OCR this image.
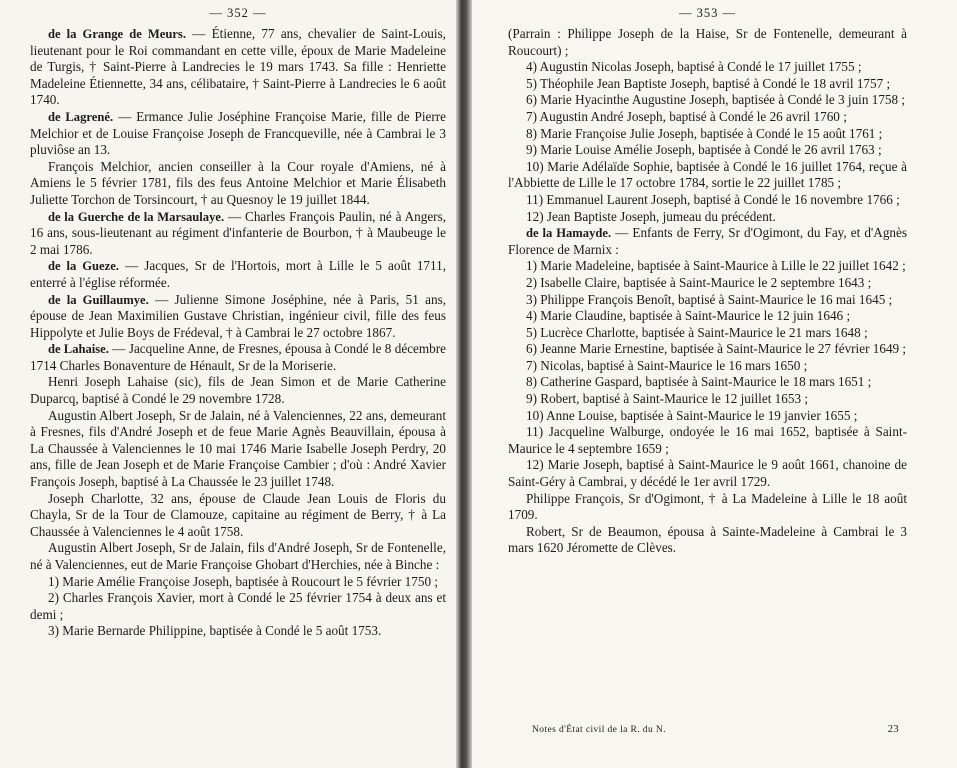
— 352 —

de la Grange de Meurs. — Étienne, 77 ans, chevalier de Saint-Louis, lieutenant pour le Roi commandant en cette ville, époux de Marie Madeleine de Turgis, † Saint-Pierre à Landrecies le 19 mars 1743. Sa fille : Henriette Madeleine Étiennette, 34 ans, célibataire, † Saint-Pierre à Landrecies le 6 août 1740.

de Lagrené. — Ermance Julie Joséphine Françoise Marie, fille de Pierre Melchior et de Louise Françoise Joseph de Francqueville, née à Cambrai le 3 pluviôse an 13.

François Melchior, ancien conseiller à la Cour royale d'Amiens, né à Amiens le 5 février 1781, fils des feus Antoine Melchior et Marie Élisabeth Juliette Torchon de Torsincourt, † au Quesnoy le 19 juillet 1844.

de la Guerche de la Marsaulaye. — Charles François Paulin, né à Angers, 16 ans, sous-lieutenant au régiment d'infanterie de Bourbon, † à Maubeuge le 2 mai 1786.

de la Gueze. — Jacques, Sr de l'Hortois, mort à Lille le 5 août 1711, enterré à l'église réformée.

de la Guillaumye. — Julienne Simone Joséphine, née à Paris, 51 ans, épouse de Jean Maximilien Gustave Christian, ingénieur civil, fille des feus Hippolyte et Julie Boys de Frédeval, † à Cambrai le 27 octobre 1867.

de Lahaise. — Jacqueline Anne, de Fresnes, épousa à Condé le 8 décembre 1714 Charles Bonaventure de Hénault, Sr de la Moriserie.

Henri Joseph Lahaise (sic), fils de Jean Simon et de Marie Catherine Duparcq, baptisé à Condé le 29 novembre 1728.

Augustin Albert Joseph, Sr de Jalain, né à Valenciennes, 22 ans, demeurant à Fresnes, fils d'André Joseph et de feue Marie Agnès Beauvillain, épousa à La Chaussée à Valenciennes le 10 mai 1746 Marie Isabelle Joseph Perdry, 20 ans, fille de Jean Joseph et de Marie Françoise Cambier ; d'où : André Xavier François Joseph, baptisé à La Chaussée le 23 juillet 1748.

Joseph Charlotte, 32 ans, épouse de Claude Jean Louis de Floris du Chayla, Sr de la Tour de Clamouze, capitaine au régiment de Berry, † à La Chaussée à Valenciennes le 4 août 1758.

Augustin Albert Joseph, Sr de Jalain, fils d'André Joseph, Sr de Fontenelle, né à Valenciennes, eut de Marie Françoise Ghobart d'Herchies, née à Binche :

1) Marie Amélie Françoise Joseph, baptisée à Roucourt le 5 février 1750 ;

2) Charles François Xavier, mort à Condé le 25 février 1754 à deux ans et demi ;

3) Marie Bernarde Philippine, baptisée à Condé le 5 août 1753.

— 353 —

(Parrain : Philippe Joseph de la Haise, Sr de Fontenelle, demeurant à Roucourt) ;

4) Augustin Nicolas Joseph, baptisé à Condé le 17 juillet 1755 ;

5) Théophile Jean Baptiste Joseph, baptisé à Condé le 18 avril 1757 ;

6) Marie Hyacinthe Augustine Joseph, baptisée à Condé le 3 juin 1758 ;

7) Augustin André Joseph, baptisé à Condé le 26 avril 1760 ;

8) Marie Françoise Julie Joseph, baptisée à Condé le 15 août 1761 ;

9) Marie Louise Amélie Joseph, baptisée à Condé le 26 avril 1763 ;

10) Marie Adélaïde Sophie, baptisée à Condé le 16 juillet 1764, reçue à l'Abbiette de Lille le 17 octobre 1784, sortie le 22 juillet 1785 ;

11) Emmanuel Laurent Joseph, baptisé à Condé le 16 novembre 1766 ;

12) Jean Baptiste Joseph, jumeau du précédent.

de la Hamayde. — Enfants de Ferry, Sr d'Ogimont, du Fay, et d'Agnès Florence de Marnix :

1) Marie Madeleine, baptisée à Saint-Maurice à Lille le 22 juillet 1642 ;

2) Isabelle Claire, baptisée à Saint-Maurice le 2 septembre 1643 ;

3) Philippe François Benoît, baptisé à Saint-Maurice le 16 mai 1645 ;

4) Marie Claudine, baptisée à Saint-Maurice le 12 juin 1646 ;

5) Lucrèce Charlotte, baptisée à Saint-Maurice le 21 mars 1648 ;

6) Jeanne Marie Ernestine, baptisée à Saint-Maurice le 27 février 1649 ;

7) Nicolas, baptisé à Saint-Maurice le 16 mars 1650 ;

8) Catherine Gaspard, baptisée à Saint-Maurice le 18 mars 1651 ;

9) Robert, baptisé à Saint-Maurice le 12 juillet 1653 ;

10) Anne Louise, baptisée à Saint-Maurice le 19 janvier 1655 ;

11) Jacqueline Walburge, ondoyée le 16 mai 1652, baptisée à Saint-Maurice le 4 septembre 1659 ;

12) Marie Joseph, baptisé à Saint-Maurice le 9 août 1661, chanoine de Saint-Géry à Cambrai, y décédé le 1er avril 1729.

Philippe François, Sr d'Ogimont, † à La Madeleine à Lille le 18 août 1709.

Robert, Sr de Beaumon, épousa à Sainte-Madeleine à Cambrai le 3 mars 1620 Jéromette de Clèves.

Notes d'État civil de la R. du N.	23
